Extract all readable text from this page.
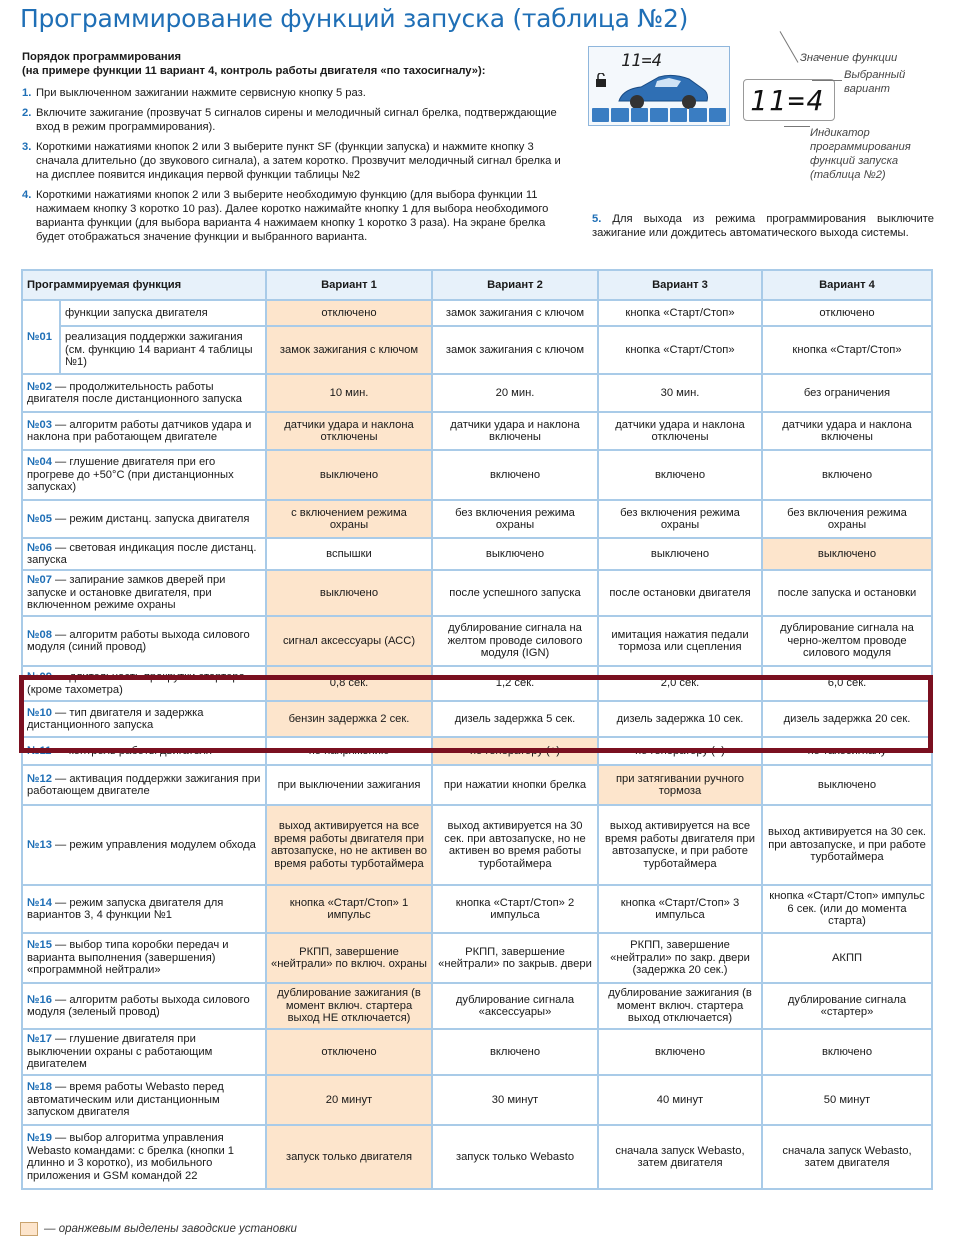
Программирование функций запуска (таблица №2)
Порядок программирования
(на примере функции 11 вариант 4, контроль работы двигателя «по тахосигналу»):
1. При выключенном зажигании нажмите сервисную кнопку 5 раз.
2. Включите зажигание (прозвучат 5 сигналов сирены и мелодичный сигнал брелка, подтверждающие вход в режим программирования).
3. Короткими нажатиями кнопок 2 или 3 выберите пункт SF (функции запуска) и нажмите кнопку 3 сначала длительно (до звукового сигнала), а затем коротко. Прозвучит мелодичный сигнал брелка и на дисплее появится индикация первой функции таблицы №2
4. Короткими нажатиями кнопок 2 или 3 выберите необходимую функцию (для выбора функции 11 нажимаем кнопку 3 коротко 10 раз). Далее коротко нажимайте кнопку 1 для выбора необходимого варианта функции (для выбора варианта 4 нажимаем кнопку 1 коротко 3 раза). На экране брелка будет отображаться значение функции и выбранного варианта.
5. Для выхода из режима программирования выключите зажигание или дождитесь автоматического выхода системы.
11=4
11=4
Значение функции
Выбранный вариант
Индикатор программирования функций запуска (таблица №2)
Программируемая функция		Вариант 1	Вариант 2	Вариант 3	Вариант 4
№01	функции запуска двигателя	отключено	замок зажигания с ключом	кнопка «Старт/Стоп»	отключено
	реализация поддержки зажигания (см. функцию 14 вариант 4 таблицы №1)	замок зажигания с ключом	замок зажигания с ключом	кнопка «Старт/Стоп»	кнопка «Старт/Стоп»
№02 — продолжительность работы двигателя после дистанционного запуска		10 мин.	20 мин.	30 мин.	без ограничения
№03 — алгоритм работы датчиков удара и наклона при работающем двигателе		датчики удара и наклона отключены	датчики удара и наклона включены	датчики удара и наклона отключены	датчики удара и наклона включены
№04 — глушение двигателя при его прогреве до +50°С (при дистанционных запусках)		выключено	включено	включено	включено
№05 — режим дистанц. запуска двигателя		с включением режима охраны	без включения режима охраны	без включения режима охраны	без включения режима охраны
№06 — световая индикация после дистанц. запуска		вспышки	выключено	выключено	выключено
№07 — запирание замков дверей при запуске и остановке двигателя, при включенном режиме охраны		выключено	после успешного запуска	после остановки двигателя	после запуска и остановки
№08 — алгоритм работы выхода силового модуля (синий провод)		сигнал аксессуары (АСС)	дублирование сигнала на желтом проводе силового модуля (IGN)	имитация нажатия педали тормоза или сцепления	дублирование сигнала на черно-желтом проводе силового модуля
№09 — длительность прокрутки стартера (кроме тахометра)		0,8 сек.	1,2 сек.	2,0 сек.	6,0 сек.
№10 — тип двигателя и задержка дистанционного запуска		бензин задержка 2 сек.	дизель задержка 5 сек.	дизель задержка 10 сек.	дизель задержка 20 сек.
№11 — контроль работы двигателя		по напряжению	по генератору (+)	по генератору (–)	по тахосигналу
№12 — активация поддержки зажигания при работающем двигателе		при выключении зажигания	при нажатии кнопки брелка	при затягивании ручного тормоза	выключено
№13 — режим управления модулем обхода		выход активируется на все время работы двигателя при автозапуске, но не активен во время работы турботаймера	выход активируется на 30 сек. при автозапуске, но не активен во время работы турботаймера	выход активируется на все время работы двигателя при автозапуске, и при работе турботаймера	выход активируется на 30 сек. при автозапуске, и при работе турботаймера
№14 — режим запуска двигателя для вариантов 3, 4 функции №1		кнопка «Старт/Стоп» 1 импульс	кнопка «Старт/Стоп» 2 импульса	кнопка «Старт/Стоп» 3 импульса	кнопка «Старт/Стоп» импульс 6 сек. (или до момента старта)
№15 — выбор типа коробки передач и варианта выполнения (завершения) «программной нейтрали»		РКПП, завершение «нейтрали» по включ. охраны	РКПП, завершение «нейтрали» по закрыв. двери	РКПП, завершение «нейтрали» по закр. двери (задержка 20 сек.)	АКПП
№16 — алгоритм работы выхода силового модуля (зеленый провод)		дублирование зажигания (в момент включ. стартера выход НЕ отключается)	дублирование сигнала «аксессуары»	дублирование зажигания (в момент включ. стартера выход отключается)	дублирование сигнала «стартер»
№17 — глушение двигателя при выключении охраны с работающим двигателем		отключено	включено	включено	включено
№18 — время работы Webasto перед автоматическим или дистанционным запуском двигателя		20 минут	30 минут	40 минут	50 минут
№19 — выбор алгоритма управления Webasto командами: с брелка (кнопки 1 длинно и 3 коротко), из мобильного приложения и GSM командой 22		запуск только двигателя	запуск только Webasto	сначала запуск Webasto, затем двигателя	сначала запуск Webasto, затем двигателя
— оранжевым выделены заводские установки
